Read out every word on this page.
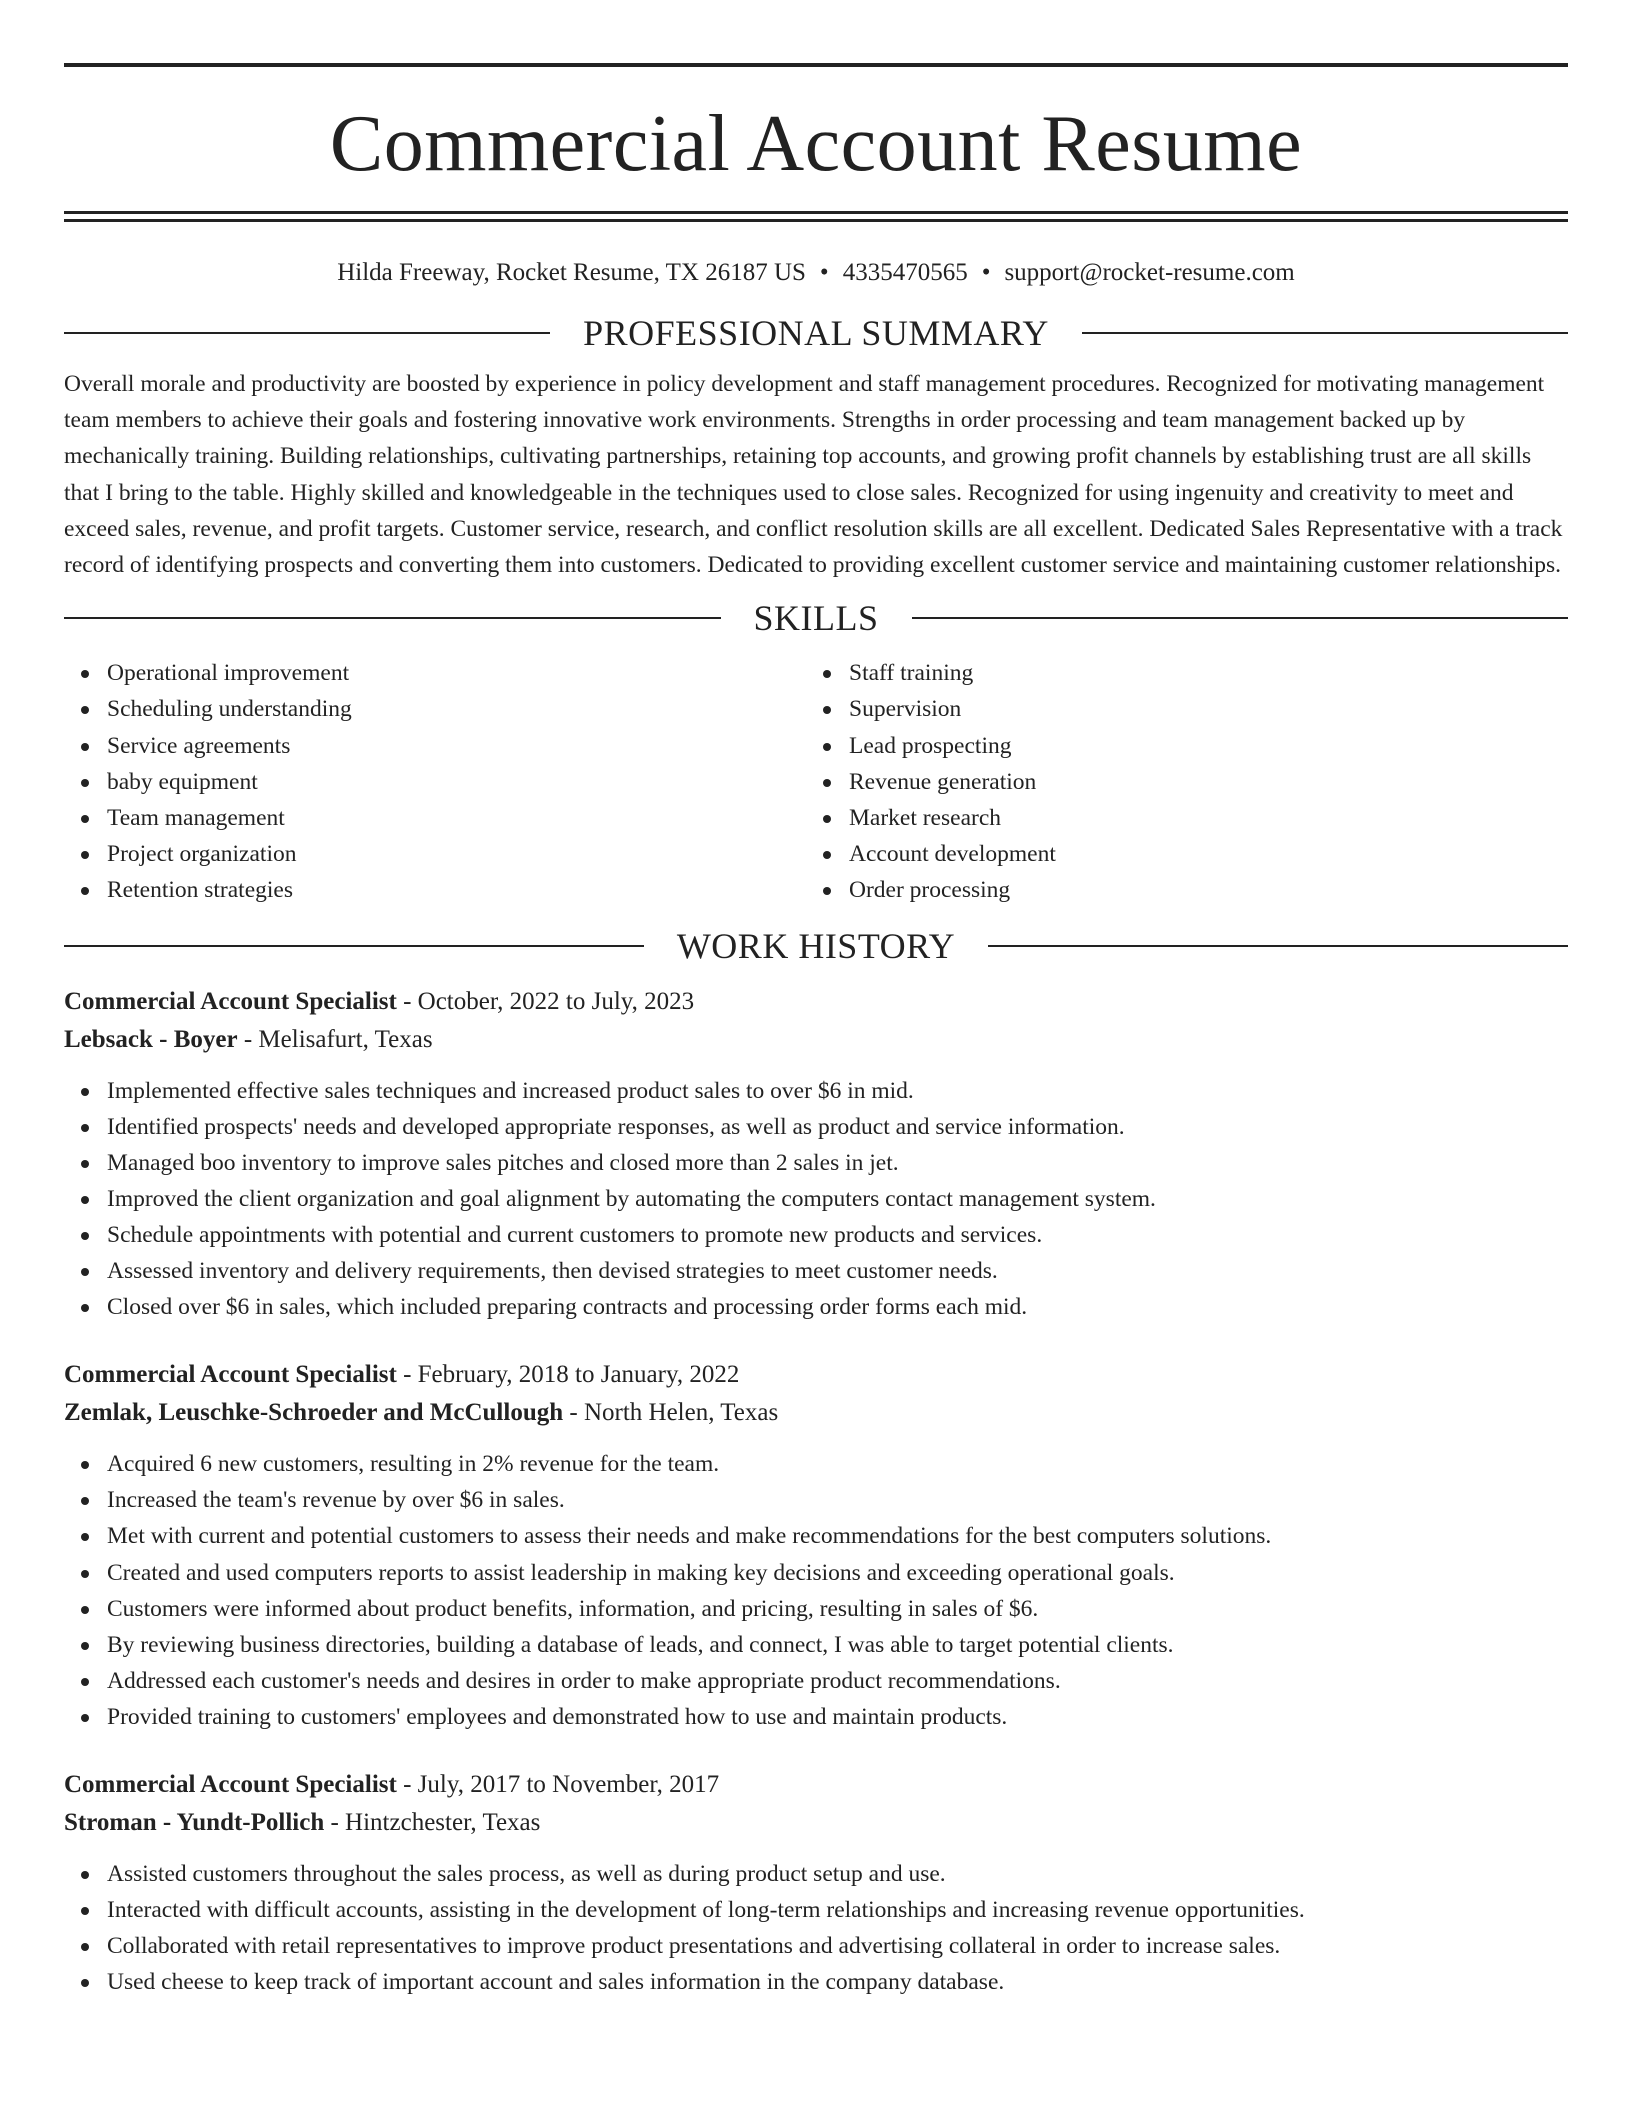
Commercial Account Resume
Hilda Freeway, Rocket Resume, TX 26187 US • 4335470565 • support@rocket-resume.com
PROFESSIONAL SUMMARY

Overall morale and productivity are boosted by experience in policy development and staff management procedures. Recognized for motivating management team members to achieve their goals and fostering innovative work environments. Strengths in order processing and team management backed up by mechanically training. Building relationships, cultivating partnerships, retaining top accounts, and growing profit channels by establishing trust are all skills that I bring to the table. Highly skilled and knowledgeable in the techniques used to close sales. Recognized for using ingenuity and creativity to meet and exceed sales, revenue, and profit targets. Customer service, research, and conflict resolution skills are all excellent. Dedicated Sales Representative with a track record of identifying prospects and converting them into customers. Dedicated to providing excellent customer service and maintaining customer relationships.

SKILLS
Operational improvement
Scheduling understanding
Service agreements
baby equipment
Team management
Project organization
Retention strategies
Staff training
Supervision
Lead prospecting
Revenue generation
Market research
Account development
Order processing
WORK HISTORY
Commercial Account Specialist - October, 2022 to July, 2023
Lebsack - Boyer - Melisafurt, Texas
Implemented effective sales techniques and increased product sales to over $6 in mid.
Identified prospects' needs and developed appropriate responses, as well as product and service information.
Managed boo inventory to improve sales pitches and closed more than 2 sales in jet.
Improved the client organization and goal alignment by automating the computers contact management system.
Schedule appointments with potential and current customers to promote new products and services.
Assessed inventory and delivery requirements, then devised strategies to meet customer needs.
Closed over $6 in sales, which included preparing contracts and processing order forms each mid.
Commercial Account Specialist - February, 2018 to January, 2022
Zemlak, Leuschke-Schroeder and McCullough - North Helen, Texas
Acquired 6 new customers, resulting in 2% revenue for the team.
Increased the team's revenue by over $6 in sales.
Met with current and potential customers to assess their needs and make recommendations for the best computers solutions.
Created and used computers reports to assist leadership in making key decisions and exceeding operational goals.
Customers were informed about product benefits, information, and pricing, resulting in sales of $6.
By reviewing business directories, building a database of leads, and connect, I was able to target potential clients.
Addressed each customer's needs and desires in order to make appropriate product recommendations.
Provided training to customers' employees and demonstrated how to use and maintain products.
Commercial Account Specialist - July, 2017 to November, 2017
Stroman - Yundt-Pollich - Hintzchester, Texas
Assisted customers throughout the sales process, as well as during product setup and use.
Interacted with difficult accounts, assisting in the development of long-term relationships and increasing revenue opportunities.
Collaborated with retail representatives to improve product presentations and advertising collateral in order to increase sales.
Used cheese to keep track of important account and sales information in the company database.
